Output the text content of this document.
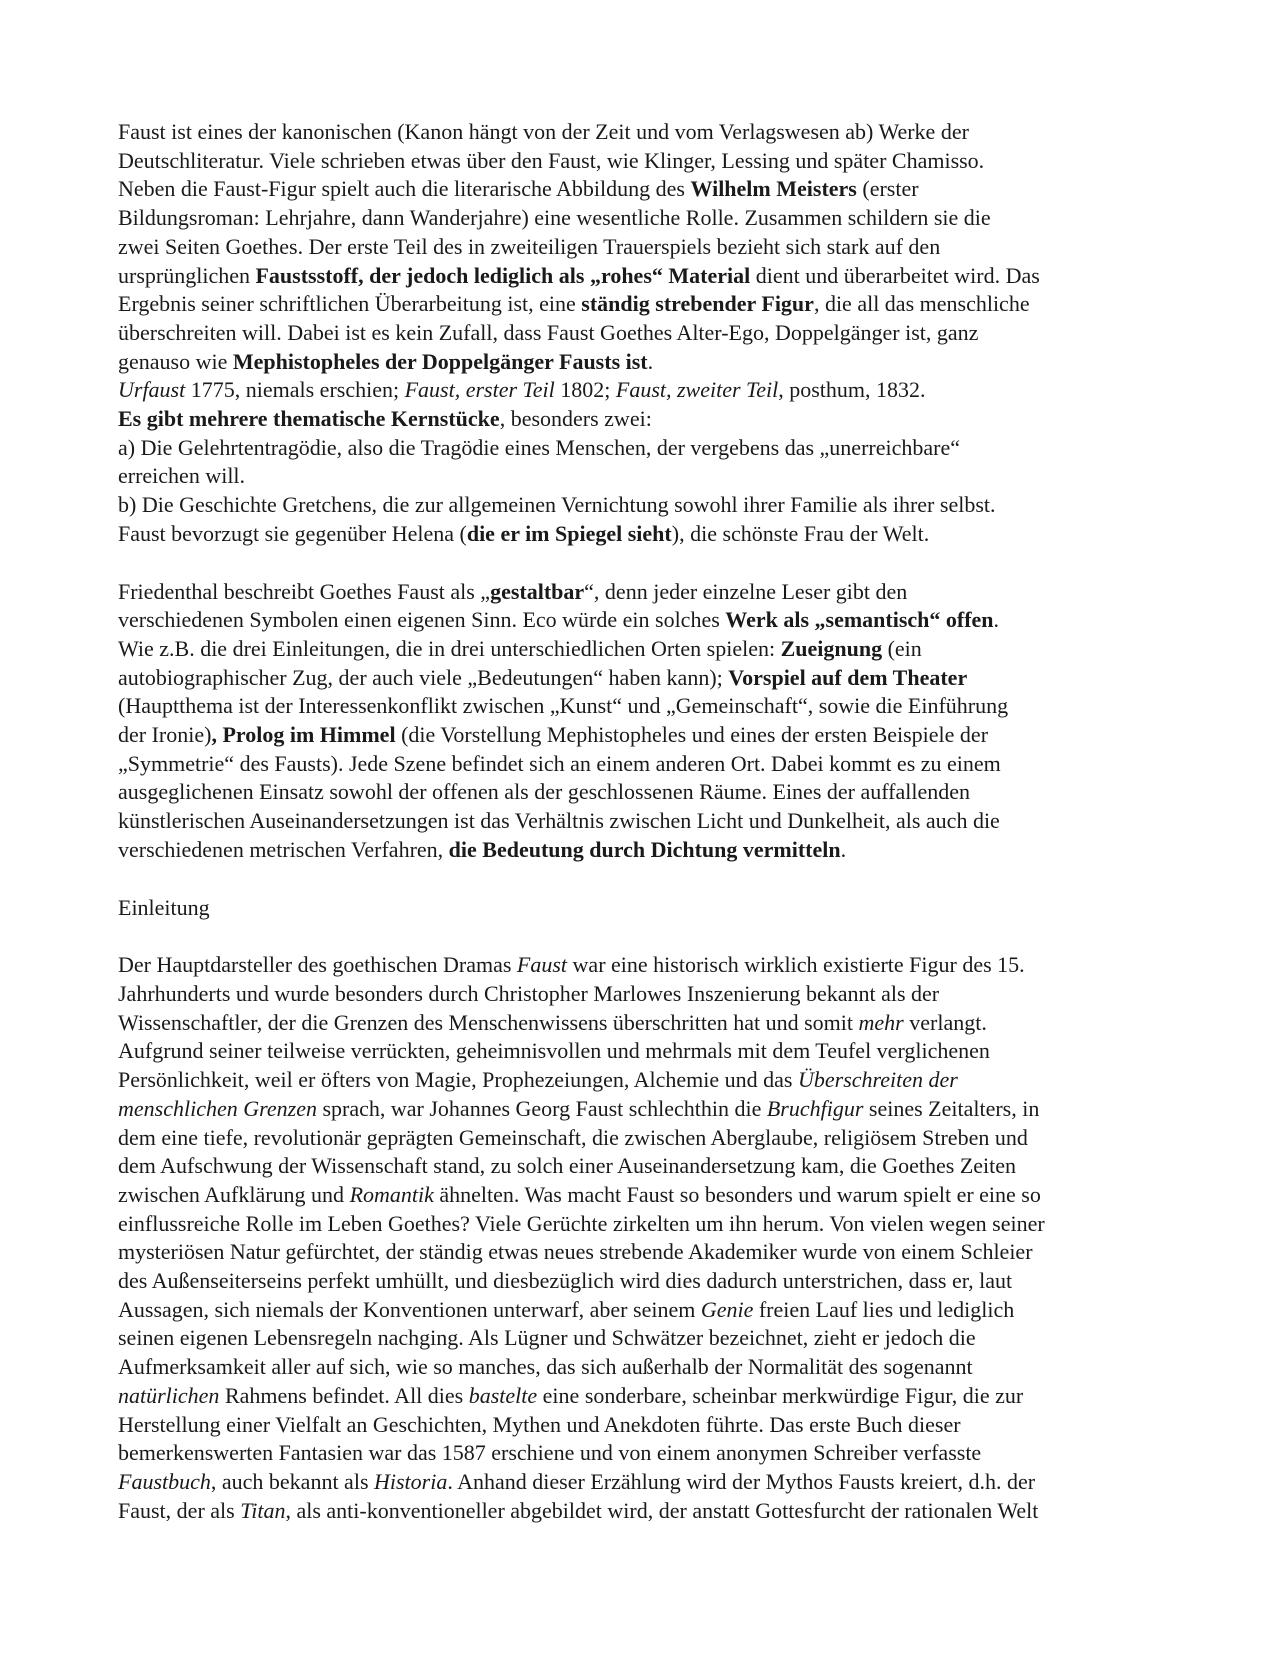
Faust ist eines der kanonischen (Kanon hängt von der Zeit und vom Verlagswesen ab) Werke der
Deutschliteratur. Viele schrieben etwas über den Faust, wie Klinger, Lessing und später Chamisso.
Neben die Faust-Figur spielt auch die literarische Abbildung des Wilhelm Meisters (erster
Bildungsroman: Lehrjahre, dann Wanderjahre) eine wesentliche Rolle. Zusammen schildern sie die
zwei Seiten Goethes. Der erste Teil des in zweiteiligen Trauerspiels bezieht sich stark auf den
ursprünglichen Faustsstoff, der jedoch lediglich als „rohes“ Material dient und überarbeitet wird. Das
Ergebnis seiner schriftlichen Überarbeitung ist, eine ständig strebender Figur, die all das menschliche
überschreiten will. Dabei ist es kein Zufall, dass Faust Goethes Alter-Ego, Doppelgänger ist, ganz
genauso wie Mephistopheles der Doppelgänger Fausts ist.
Urfaust 1775, niemals erschien; Faust, erster Teil 1802; Faust, zweiter Teil, posthum, 1832.
Es gibt mehrere thematische Kernstücke, besonders zwei:
a) Die Gelehrtentragödie, also die Tragödie eines Menschen, der vergebens das „unerreichbare“
erreichen will.
b) Die Geschichte Gretchens, die zur allgemeinen Vernichtung sowohl ihrer Familie als ihrer selbst.
Faust bevorzugt sie gegenüber Helena (die er im Spiegel sieht), die schönste Frau der Welt.
Friedenthal beschreibt Goethes Faust als „gestaltbar“, denn jeder einzelne Leser gibt den
verschiedenen Symbolen einen eigenen Sinn. Eco würde ein solches Werk als „semantisch“ offen.
Wie z.B. die drei Einleitungen, die in drei unterschiedlichen Orten spielen: Zueignung (ein
autobiographischer Zug, der auch viele „Bedeutungen“ haben kann); Vorspiel auf dem Theater
(Hauptthema ist der Interessenkonflikt zwischen „Kunst“ und „Gemeinschaft“, sowie die Einführung
der Ironie), Prolog im Himmel (die Vorstellung Mephistopheles und eines der ersten Beispiele der
„Symmetrie“ des Fausts). Jede Szene befindet sich an einem anderen Ort. Dabei kommt es zu einem
ausgeglichenen Einsatz sowohl der offenen als der geschlossenen Räume. Eines der auffallenden
künstlerischen Auseinandersetzungen ist das Verhältnis zwischen Licht und Dunkelheit, als auch die
verschiedenen metrischen Verfahren, die Bedeutung durch Dichtung vermitteln.
Einleitung
Der Hauptdarsteller des goethischen Dramas Faust war eine historisch wirklich existierte Figur des 15.
Jahrhunderts und wurde besonders durch Christopher Marlowes Inszenierung bekannt als der
Wissenschaftler, der die Grenzen des Menschenwissens überschritten hat und somit mehr verlangt.
Aufgrund seiner teilweise verrückten, geheimnisvollen und mehrmals mit dem Teufel verglichenen
Persönlichkeit, weil er öfters von Magie, Prophezeiungen, Alchemie und das Überschreiten der
menschlichen Grenzen sprach, war Johannes Georg Faust schlechthin die Bruchfigur seines Zeitalters, in
dem eine tiefe, revolutionär geprägten Gemeinschaft, die zwischen Aberglaube, religiösem Streben und
dem Aufschwung der Wissenschaft stand, zu solch einer Auseinandersetzung kam, die Goethes Zeiten
zwischen Aufklärung und Romantik ähnelten. Was macht Faust so besonders und warum spielt er eine so
einflussreiche Rolle im Leben Goethes? Viele Gerüchte zirkelten um ihn herum. Von vielen wegen seiner
mysteriösen Natur gefürchtet, der ständig etwas neues strebende Akademiker wurde von einem Schleier
des Außenseiterseins perfekt umhüllt, und diesbezüglich wird dies dadurch unterstrichen, dass er, laut
Aussagen, sich niemals der Konventionen unterwarf, aber seinem Genie freien Lauf lies und lediglich
seinen eigenen Lebensregeln nachging. Als Lügner und Schwätzer bezeichnet, zieht er jedoch die
Aufmerksamkeit aller auf sich, wie so manches, das sich außerhalb der Normalität des sogenannt
natürlichen Rahmens befindet. All dies bastelte eine sonderbare, scheinbar merkwürdige Figur, die zur
Herstellung einer Vielfalt an Geschichten, Mythen und Anekdoten führte. Das erste Buch dieser
bemerkenswerten Fantasien war das 1587 erschiene und von einem anonymen Schreiber verfasste
Faustbuch, auch bekannt als Historia. Anhand dieser Erzählung wird der Mythos Fausts kreiert, d.h. der
Faust, der als Titan, als anti-konventioneller abgebildet wird, der anstatt Gottesfurcht der rationalen Welt
